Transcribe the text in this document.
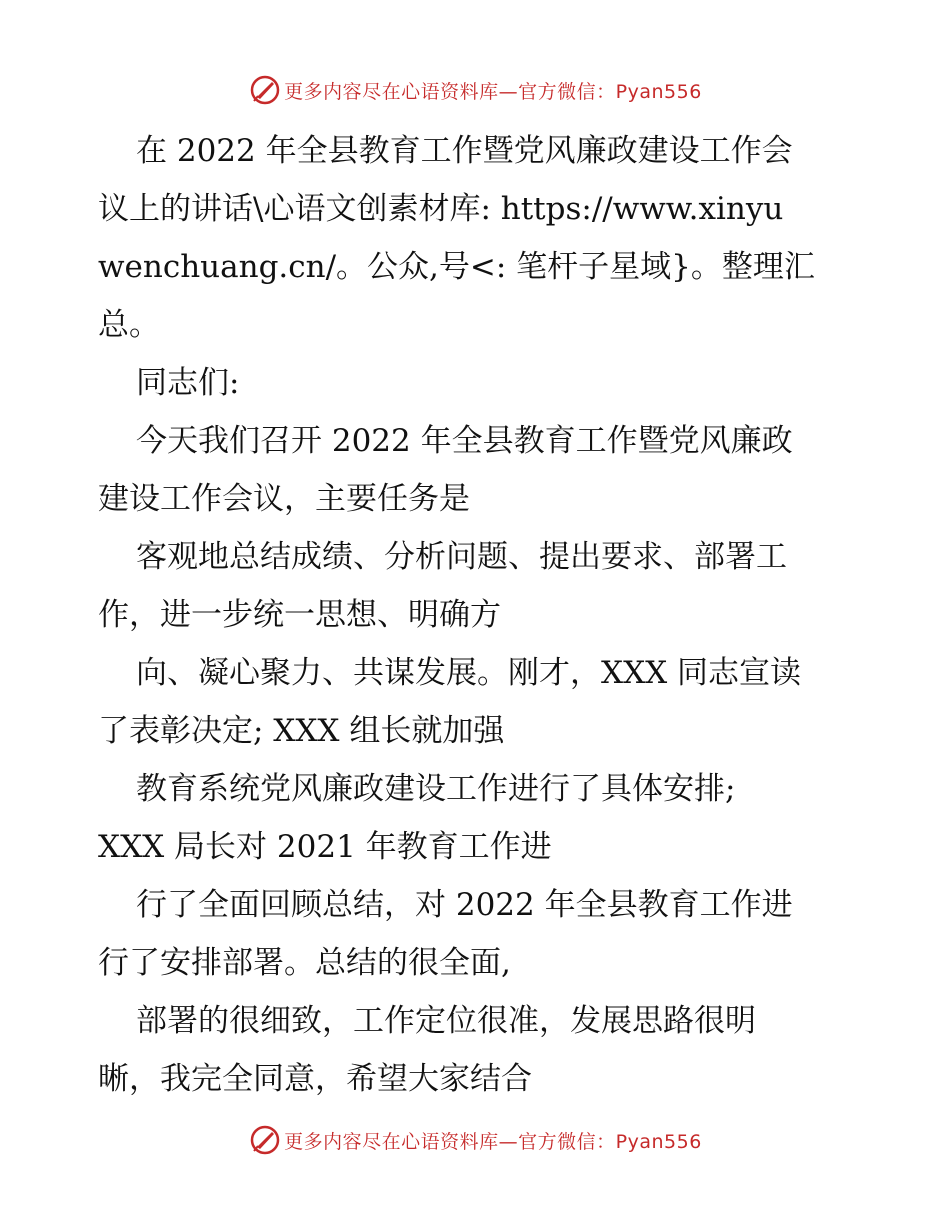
更多内容尽在心语资料库—官方微信：Pyan556

在 2022 年全县教育工作暨党风廉政建设工作会
议上的讲话\心语文创素材库: https://www.xinyu
wenchuang.cn/。公众,号<: 笔杆子星域}。整理汇
总。

同志们:

今天我们召开 2022 年全县教育工作暨党风廉政
建设工作会议，主要任务是

客观地总结成绩、分析问题、提出要求、部署工
作，进一步统一思想、明确方

向、凝心聚力、共谋发展。刚才，XXX 同志宣读
了表彰决定; XXX 组长就加强

教育系统党风廉政建设工作进行了具体安排;
XXX 局长对 2021 年教育工作进

行了全面回顾总结，对 2022 年全县教育工作进
行了安排部署。总结的很全面,

部署的很细致，工作定位很准，发展思路很明
晰，我完全同意，希望大家结合

更多内容尽在心语资料库—官方微信：Pyan556
